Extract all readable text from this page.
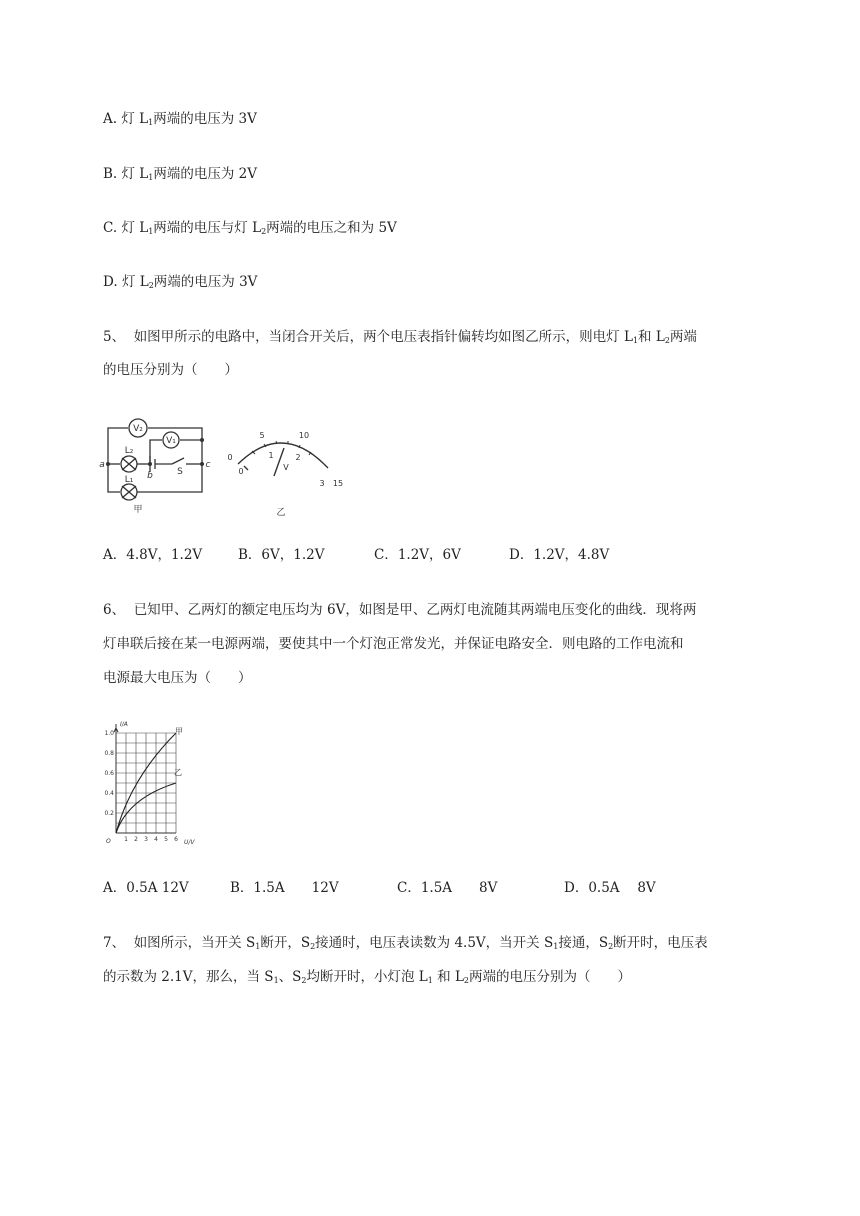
A. 灯 $L_1$两端的电压为 3V
B. 灯 $L_1$两端的电压为 2V
C. 灯 $L_1$两端的电压与灯 $L_2$两端的电压之和为 5V
D. 灯 $L_2$两端的电压为 3V
5、 如图甲所示的电路中，当闭合开关后，两个电压表指针偏转均如图乙所示，则电灯 $L_1$和 $L_2$两端
的电压分别为（　　）
V₂
V₁
L₂
L₁
a
b
c
S
甲	乙
0
5	10
15
0
1	2
3
V
A．4.8V，1.2V	B．6V，1.2V	C．1.2V，6V	D．1.2V，4.8V
6、 已知甲、乙两灯的额定电压均为 6V，如图是甲、乙两灯电流随其两端电压变化的曲线．现将两
灯串联后接在某一电源两端，要使其中一个灯泡正常发光，并保证电路安全．则电路的工作电流和
电源最大电压为（　　）
I/A
U/V
O
0.2
0.4
0.6
0.8
1.0
1 2 3 4 5 6
甲
乙
A．0.5A 12V	B．1.5A　　12V	C．1.5A　　8V	D．0.5A　 8V
7、 如图所示，当开关 $S_1$断开，$S_2$接通时，电压表读数为 4.5V，当开关 $S_1$接通，$S_2$断开时，电压表
的示数为 2.1V，那么，当 $S_1$、$S_2$均断开时，小灯泡 $L_1$ 和 $L_2$两端的电压分别为（　　）
